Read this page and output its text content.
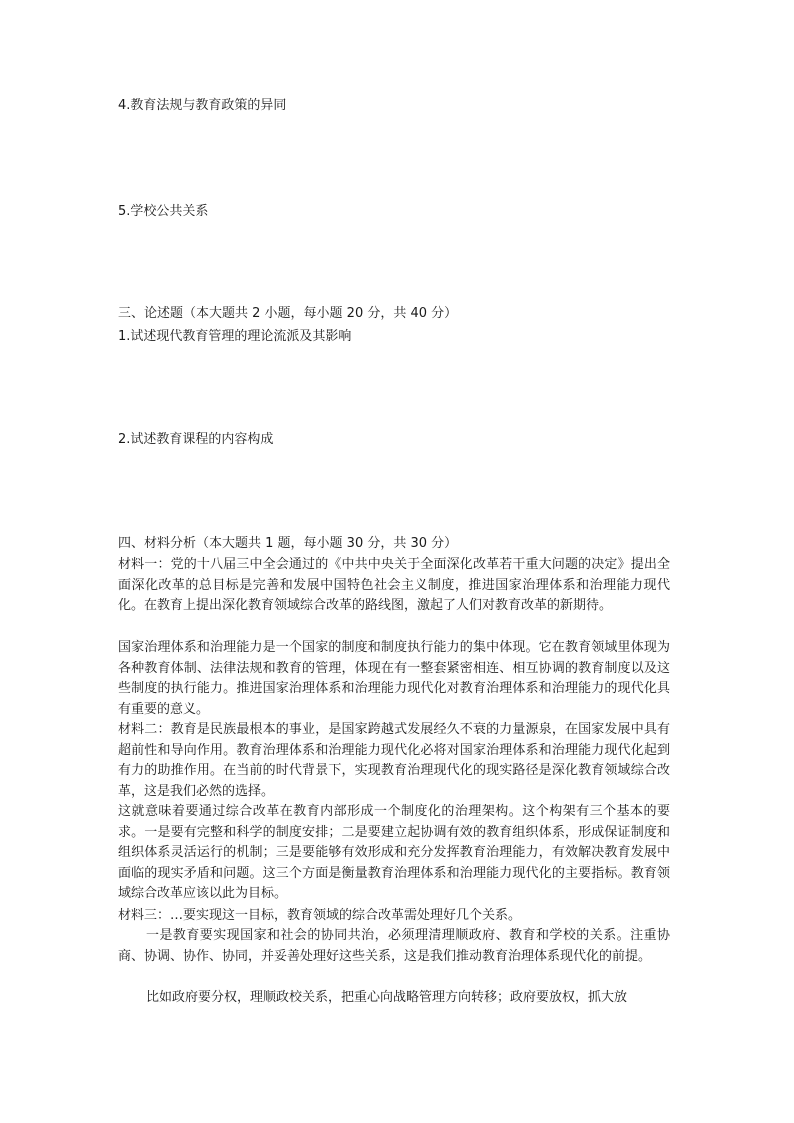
4.教育法规与教育政策的异同
5.学校公共关系
三、论述题（本大题共 2 小题，每小题 20 分，共 40 分）
1.试述现代教育管理的理论流派及其影响
2.试述教育课程的内容构成
四、材料分析（本大题共 1 题，每小题 30 分，共 30 分）

材料一：党的十八届三中全会通过的《中共中央关于全面深化改革若干重大问题的决定》提出全面深化改革的总目标是完善和发展中国特色社会主义制度，推进国家治理体系和治理能力现代化。在教育上提出深化教育领域综合改革的路线图，激起了人们对教育改革的新期待。

国家治理体系和治理能力是一个国家的制度和制度执行能力的集中体现。它在教育领域里体现为各种教育体制、法律法规和教育的管理，体现在有一整套紧密相连、相互协调的教育制度以及这些制度的执行能力。推进国家治理体系和治理能力现代化对教育治理体系和治理能力的现代化具有重要的意义。

材料二：教育是民族最根本的事业，是国家跨越式发展经久不衰的力量源泉，在国家发展中具有超前性和导向作用。教育治理体系和治理能力现代化必将对国家治理体系和治理能力现代化起到有力的助推作用。在当前的时代背景下，实现教育治理现代化的现实路径是深化教育领域综合改革，这是我们必然的选择。

这就意味着要通过综合改革在教育内部形成一个制度化的治理架构。这个构架有三个基本的要求。一是要有完整和科学的制度安排；二是要建立起协调有效的教育组织体系，形成保证制度和组织体系灵活运行的机制；三是要能够有效形成和充分发挥教育治理能力，有效解决教育发展中面临的现实矛盾和问题。这三个方面是衡量教育治理体系和治理能力现代化的主要指标。教育领域综合改革应该以此为目标。

材料三：…要实现这一目标，教育领域的综合改革需处理好几个关系。

一是教育要实现国家和社会的协同共治，必须理清理顺政府、教育和学校的关系。注重协商、协调、协作、协同，并妥善处理好这些关系，这是我们推动教育治理体系现代化的前提。

比如政府要分权，理顺政校关系，把重心向战略管理方向转移；政府要放权，抓大放
